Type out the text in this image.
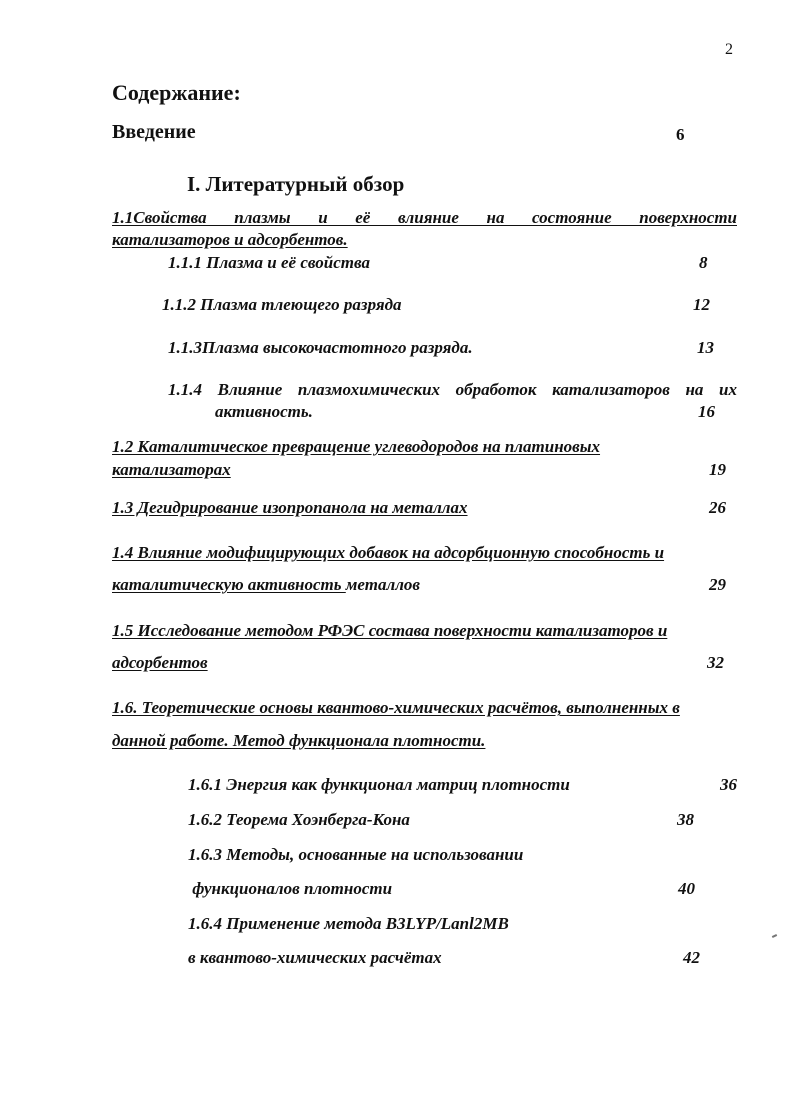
2
Содержание:
Введение	6
I. Литературный обзор
1.1Свойства плазмы и её влияние на состояние поверхности
катализаторов и адсорбентов.
1.1.1 Плазма и её свойства	8
1.1.2 Плазма тлеющего разряда	12
1.1.3Плазма высокочастотного разряда.	13
1.1.4 Влияние плазмохимических обработок катализаторов на их
активность.	16
1.2 Каталитическое превращение углеводородов на платиновых
катализаторах	19
1.3 Дегидрирование изопропанола на металлах	26
1.4 Влияние модифицирующих добавок на адсорбционную способность и
каталитическую активность металлов	29
1.5 Исследование методом РФЭС состава поверхности катализаторов и
адсорбентов	32
1.6. Теоретические основы квантово-химических расчётов, выполненных в
данной работе. Метод функционала плотности.
1.6.1 Энергия как функционал матриц плотности	36
1.6.2 Теорема Хоэнберга-Кона	38
1.6.3 Методы, основанные на использовании
функционалов плотности	40
1.6.4 Применение метода B3LYP/Lanl2MB
в квантово-химических расчётах	42
